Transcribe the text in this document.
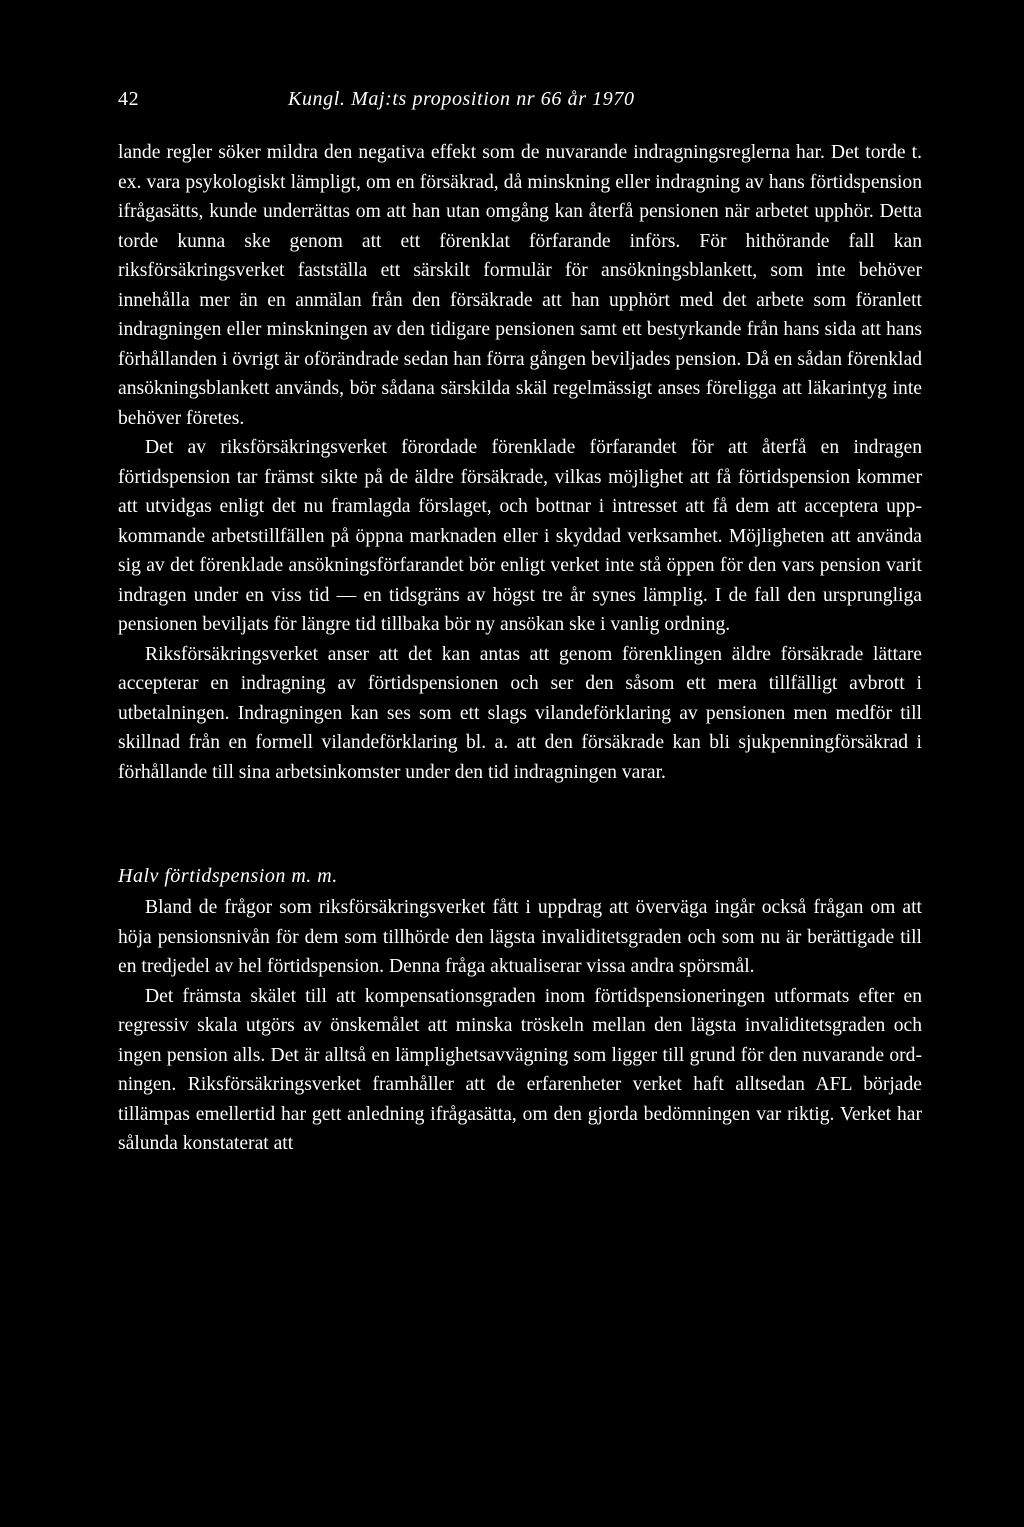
42	Kungl. Maj:ts proposition nr 66 år 1970

lande regler söker mildra den negativa effekt som de nuvarande indragningsreglerna har. Det torde t. ex. vara psykologiskt lämpligt, om en försäkrad, då minskning eller indragning av hans förtidspension ifrågasätts, kunde underrättas om att han utan omgång kan återfå pensionen när arbetet upphör. Detta torde kunna ske genom att ett förenklat förfarande införs. För hithörande fall kan riksförsäkringsverket fastställa ett särskilt formulär för ansökningsblankett, som inte behöver innehålla mer än en anmälan från den försäkrade att han upphört med det arbete som föranlett indragningen eller minskningen av den tidigare pensionen samt ett bestyrkande från hans sida att hans förhållanden i övrigt är oförändrade sedan han förra gången beviljades pension. Då en sådan förenklad ansökningsblankett används, bör sådana särskilda skäl regelmässigt anses föreligga att läkarintyg inte behöver företes.

Det av riksförsäkringsverket förordade förenklade förfarandet för att återfå en indragen förtidspension tar främst sikte på de äldre försäkrade, vilkas möjlighet att få förtidspension kommer att utvidgas enligt det nu framlagda förslaget, och bottnar i intresset att få dem att acceptera uppkommande arbetstillfällen på öppna marknaden eller i skyddad verksamhet. Möjligheten att använda sig av det förenklade ansökningsförfarandet bör enligt verket inte stå öppen för den vars pension varit indragen under en viss tid — en tidsgräns av högst tre år synes lämplig. I de fall den ursprungliga pensionen beviljats för längre tid tillbaka bör ny ansökan ske i vanlig ordning.

Riksförsäkringsverket anser att det kan antas att genom förenklingen äldre försäkrade lättare accepterar en indragning av förtidspensionen och ser den såsom ett mera tillfälligt avbrott i utbetalningen. Indragningen kan ses som ett slags vilandeförklaring av pensionen men medför till skillnad från en formell vilandeförklaring bl. a. att den försäkrade kan bli sjukpenningförsäkrad i förhållande till sina arbetsinkomster under den tid indragningen varar.

Halv förtidspension m. m.

Bland de frågor som riksförsäkringsverket fått i uppdrag att överväga ingår också frågan om att höja pensionsnivån för dem som tillhörde den lägsta invaliditetsgraden och som nu är berättigade till en tredjedel av hel förtidspension. Denna fråga aktualiserar vissa andra spörsmål.

Det främsta skälet till att kompensationsgraden inom förtidspensioneringen utformats efter en regressiv skala utgörs av önskemålet att minska tröskeln mellan den lägsta invaliditetsgraden och ingen pension alls. Det är alltså en lämplighetsavvägning som ligger till grund för den nuvarande ordningen. Riksförsäkringsverket framhåller att de erfarenheter verket haft alltsedan AFL började tillämpas emellertid har gett anledning ifrågasätta, om den gjorda bedömningen var riktig. Verket har sålunda konstaterat att
